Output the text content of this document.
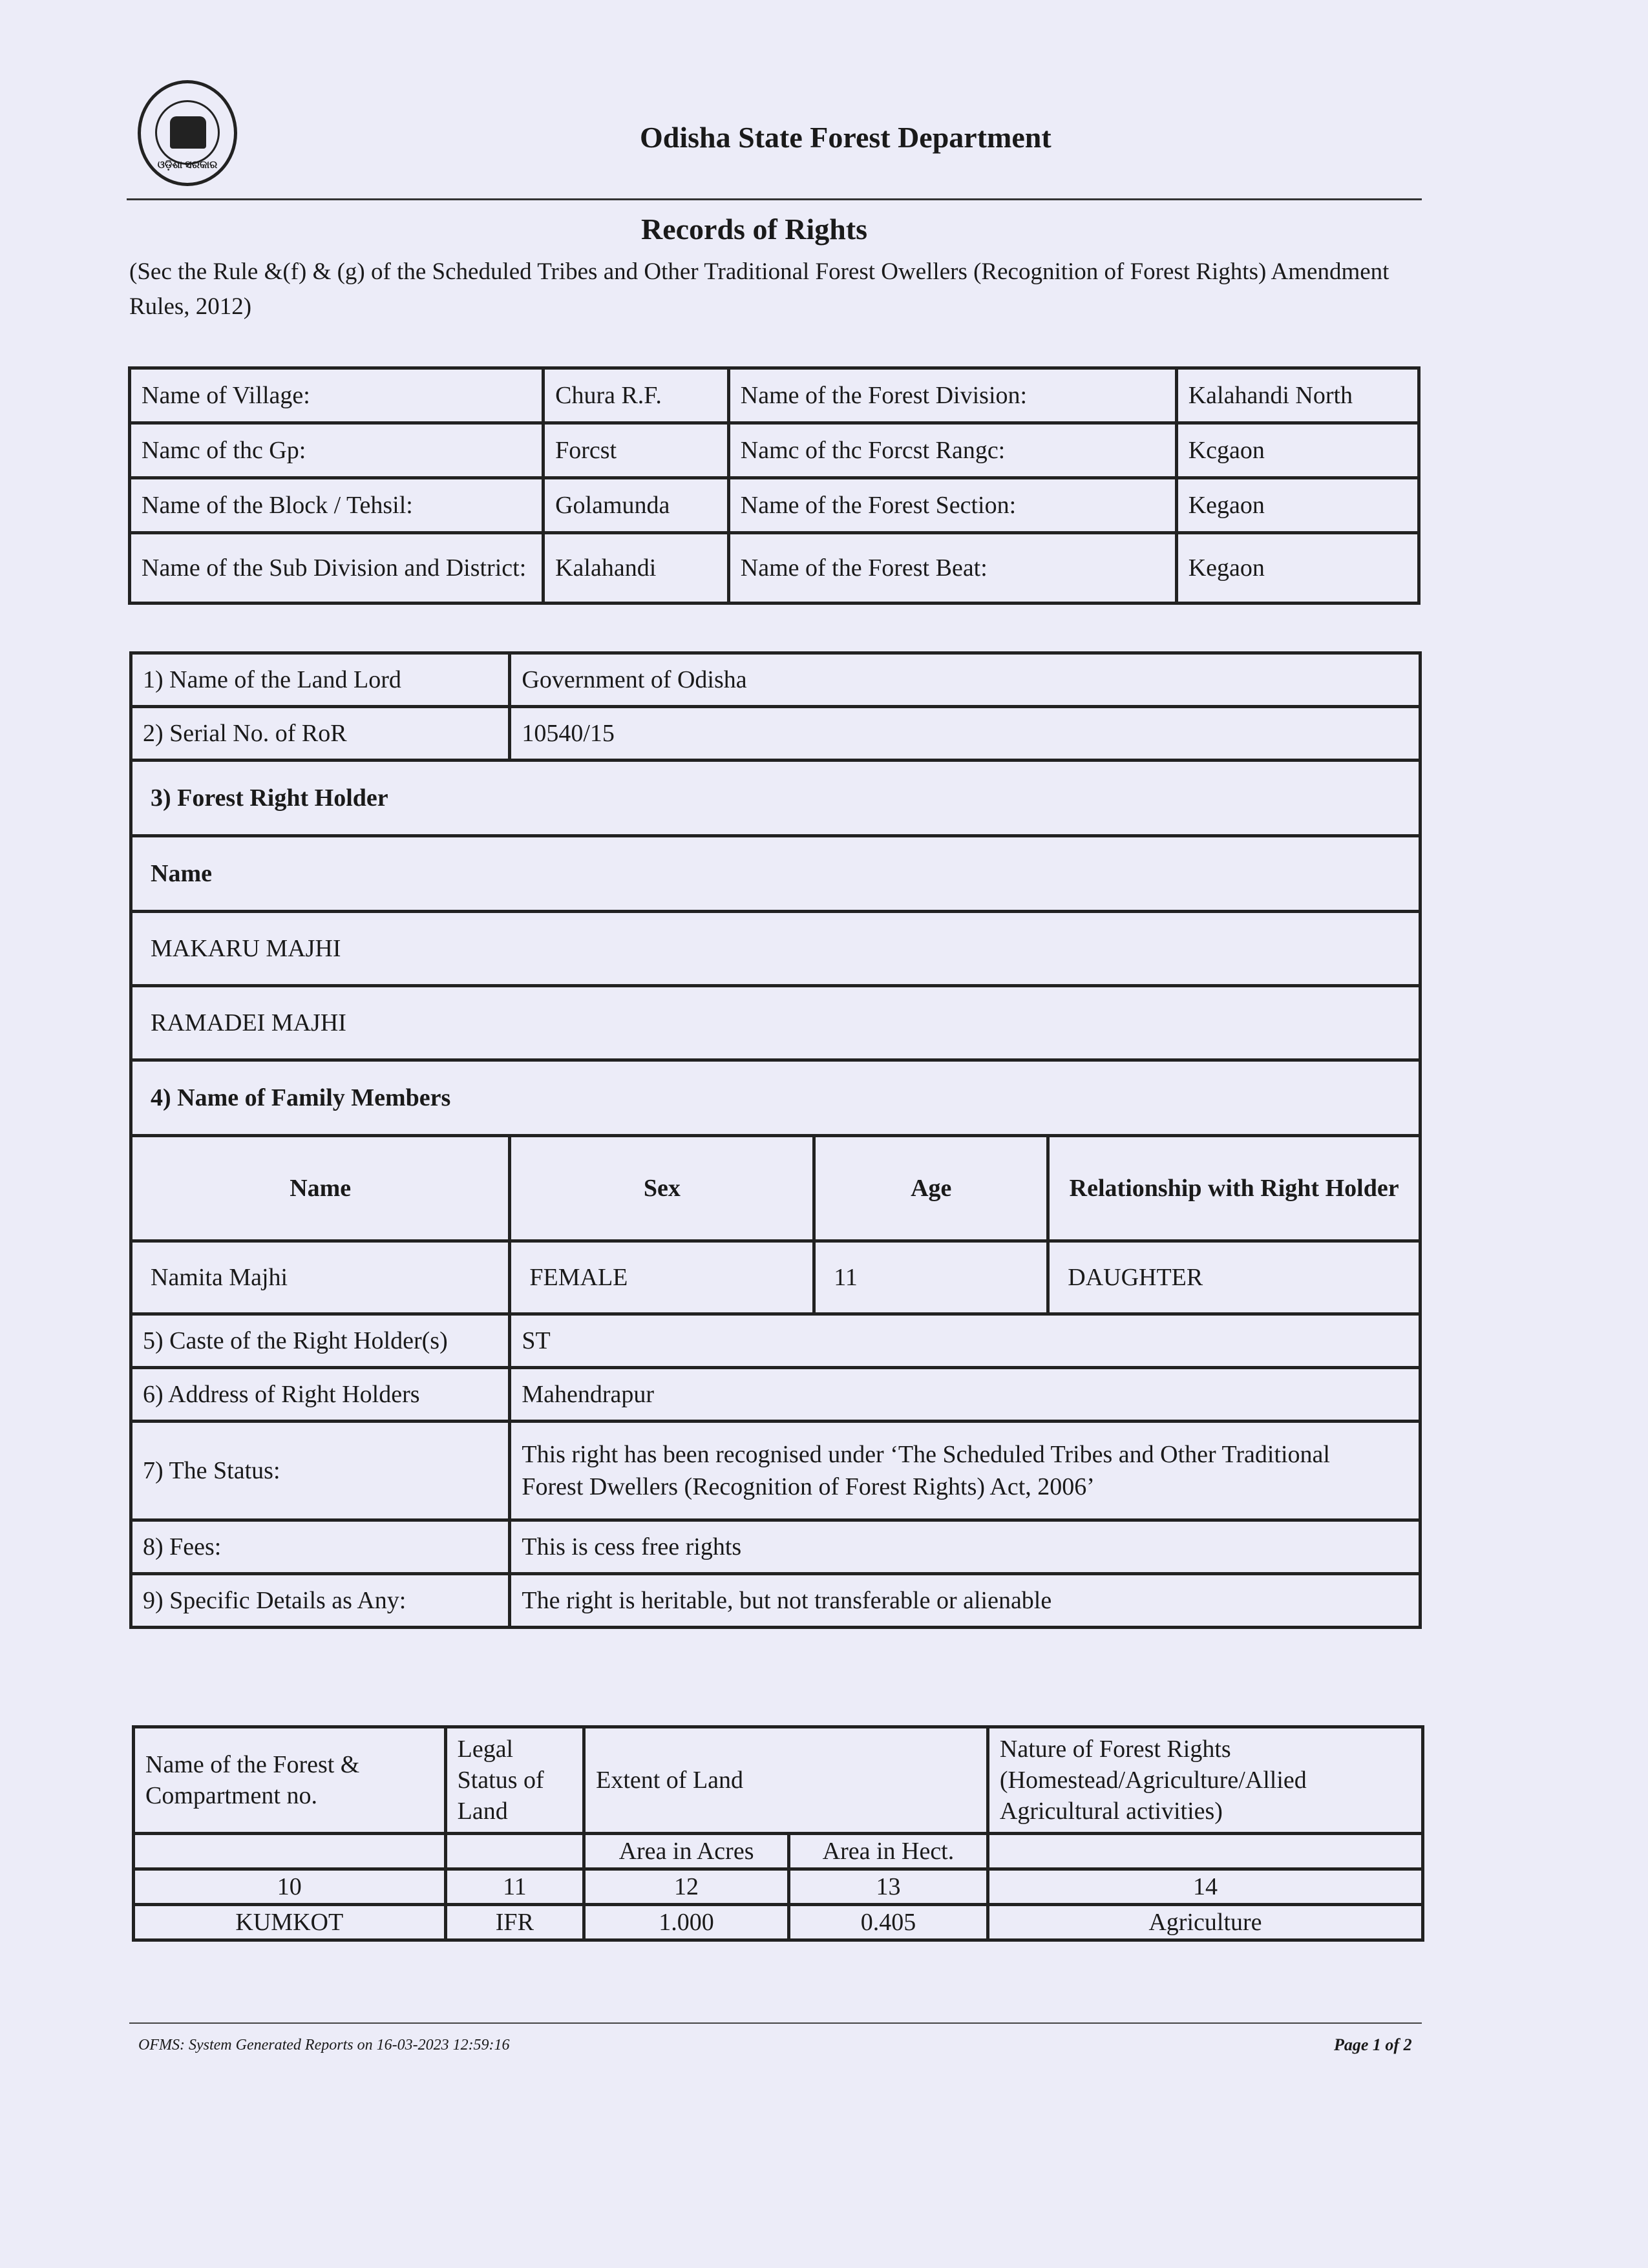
ଓଡ଼ିଶା ସରକାର
Odisha State Forest Department
Records of Rights
(Sec the Rule &(f) & (g) of the Scheduled Tribes and Other Traditional Forest Owellers (Recognition of Forest Rights) Amendment Rules, 2012)
Name of Village:	Chura R.F.	Name of the Forest Division:	Kalahandi North
Namc of thc Gp:	Forcst	Namc of thc Forcst Rangc:	Kcgaon
Name of the Block / Tehsil:	Golamunda	Name of the Forest Section:	Kegaon
Name of the Sub Division and District:	Kalahandi	Name of the Forest Beat:	Kegaon
1) Name of the Land Lord	Government of Odisha		
2) Serial No. of RoR	10540/15		
3) Forest Right Holder			
Name			
MAKARU MAJHI			
RAMADEI MAJHI			
4) Name of Family Members			
Name	Sex	Age	Relationship with Right Holder
Namita Majhi	FEMALE	11	DAUGHTER
5) Caste of the Right Holder(s)	ST		
6) Address of Right Holders	Mahendrapur		
7) The Status:	This right has been recognised under ‘The Scheduled Tribes and Other Traditional
Forest Dwellers (Recognition of Forest Rights) Act, 2006’		

8) Fees:	This is cess free rights		
9) Specific Details as Any:	The right is heritable, but not transferable or alienable		
Name of the Forest & Compartment no.	Legal Status of Land	Extent of Land		Nature of Forest Rights (Homestead/Agriculture/Allied Agricultural activities)
		Area in Acres	Area in Hect.	
10	11	12	13	14
KUMKOT	IFR	1.000	0.405	Agriculture
OFMS: System Generated Reports on 16-03-2023 12:59:16	Page 1 of 2
